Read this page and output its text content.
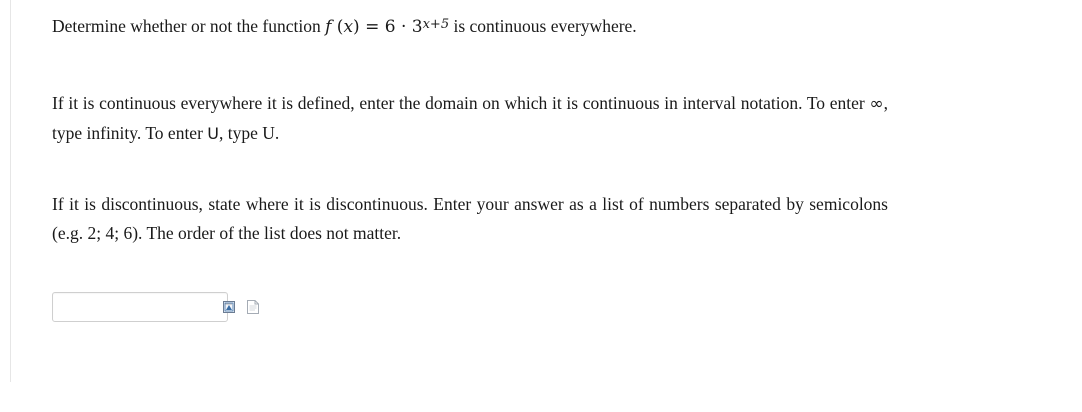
Determine whether or not the function f $(x) = 6 \cdot 3^{x+5}$ is continuous everywhere.

If it is continuous everywhere it is defined, enter the domain on which it is continuous in interval notation. To enter ∞, type infinity. To enter U, type U.

If it is discontinuous, state where it is discontinuous. Enter your answer as a list of numbers separated by semicolons (e.g. 2; 4; 6). The order of the list does not matter.
